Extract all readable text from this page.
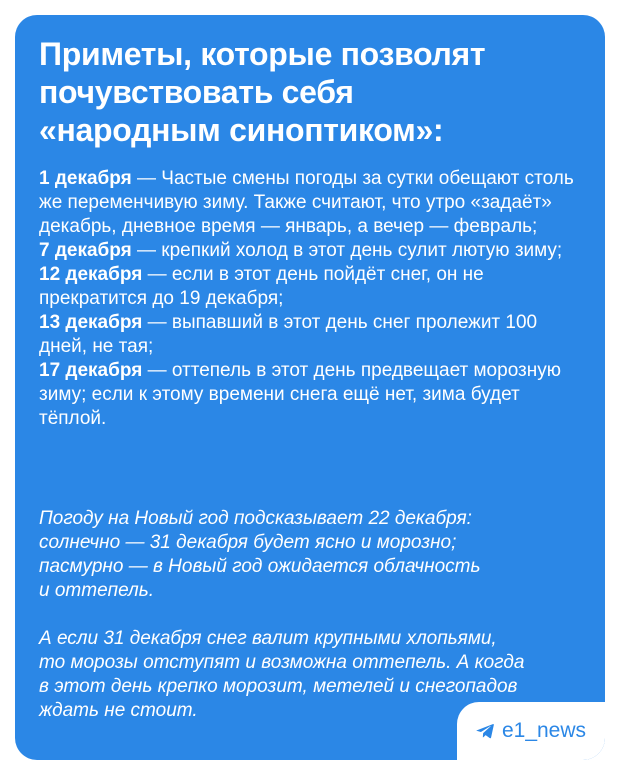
Приметы, которые позволят
почувствовать себя
«народным синоптиком»:

1 декабря — Частые смены погоды за сутки обещают столь же переменчивую зиму. Также считают, что утро «задаёт» декабрь, дневное время — январь, а вечер — февраль;

7 декабря — крепкий холод в этот день сулит лютую зиму;

12 декабря — если в этот день пойдёт снег, он не прекратится до 19 декабря;

13 декабря — выпавший в этот день снег пролежит 100 дней, не тая;

17 декабря — оттепель в этот день предвещает морозную зиму; если к этому времени снега ещё нет, зима будет тёплой.

Погоду на Новый год подсказывает 22 декабря:
солнечно — 31 декабря будет ясно и морозно;
пасмурно — в Новый год ожидается облачность
и оттепель.
А если 31 декабря снег валит крупными хлопьями,
то морозы отступят и возможна оттепель. А когда
в этот день крепко морозит, метелей и снегопадов
ждать не стоит.
e1_news
